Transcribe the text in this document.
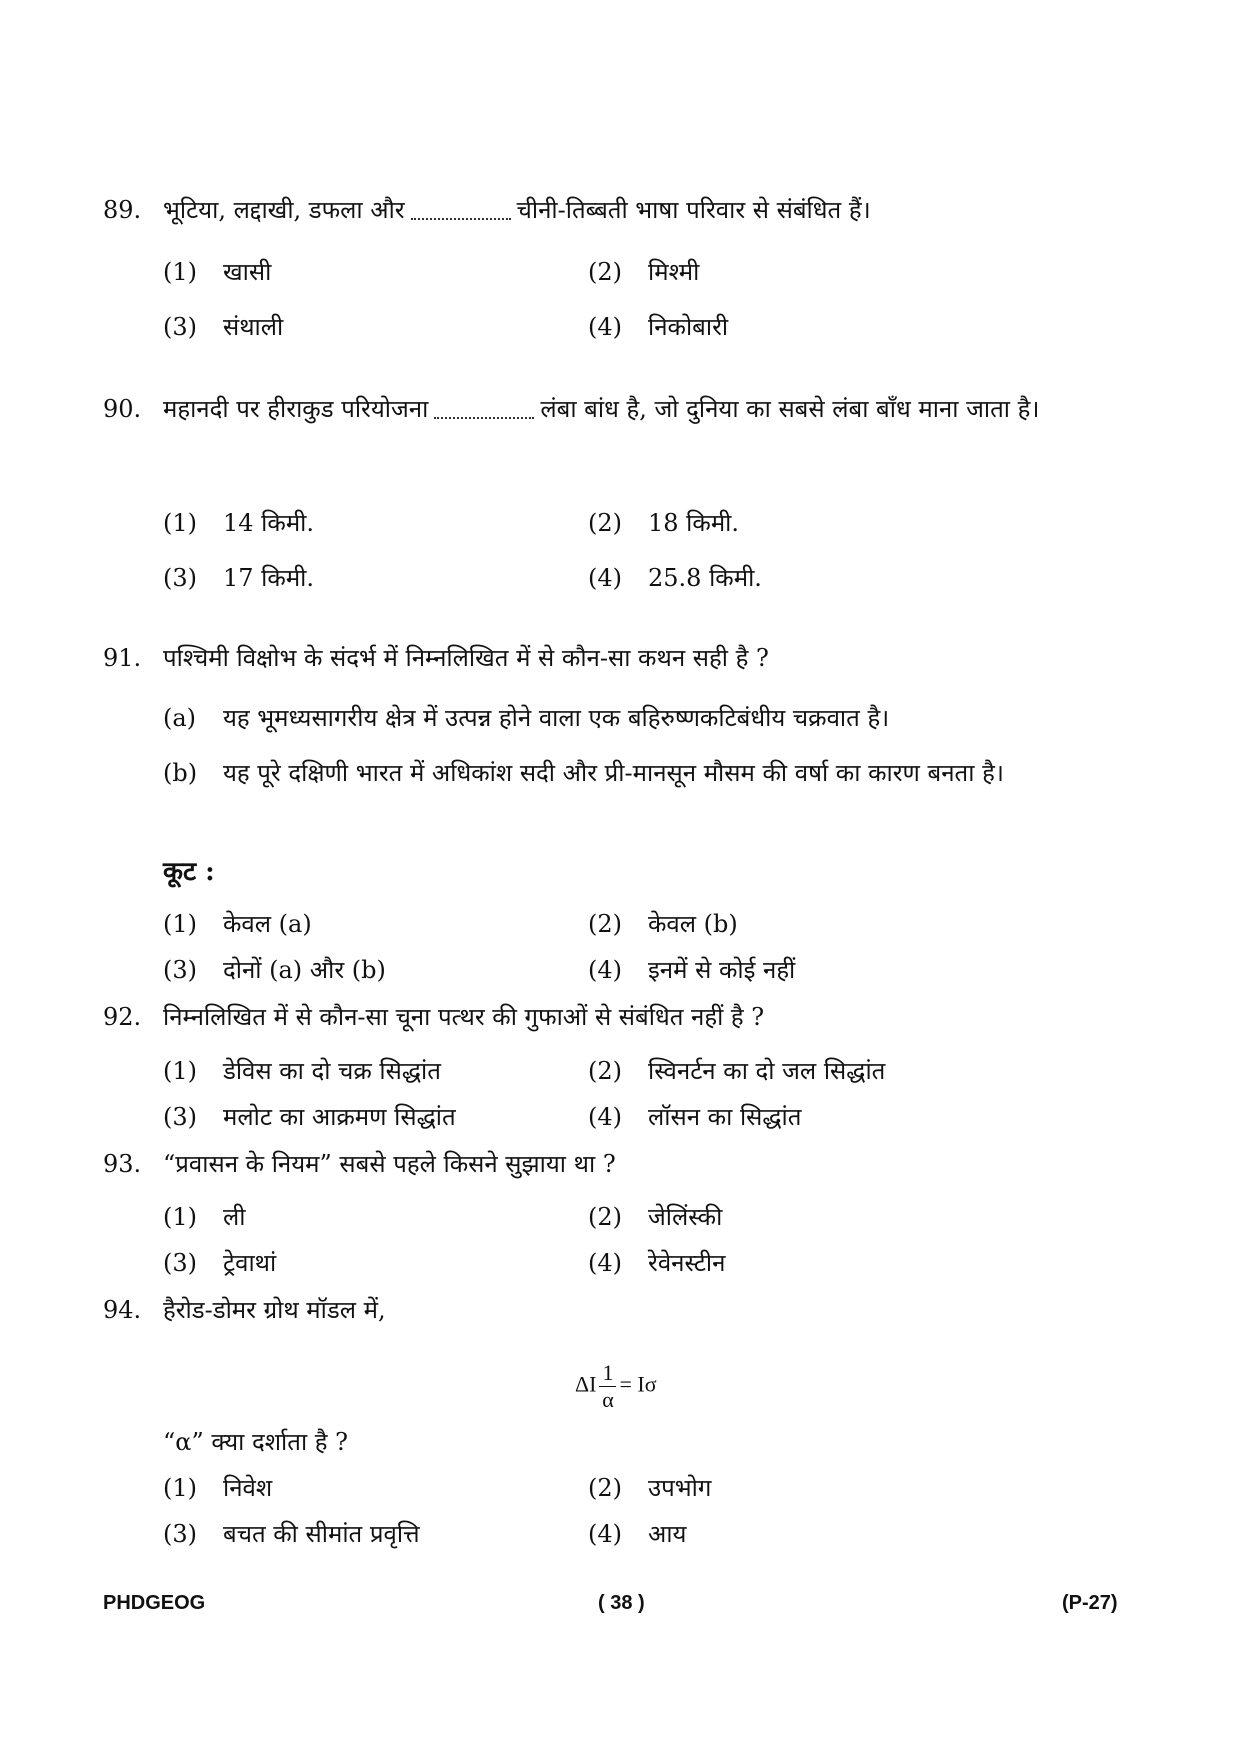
89. भूटिया, लद्दाखी, डफला और	चीनी-तिब्बती भाषा परिवार से संबंधित हैं।
(1) खासी	(2) मिश्मी
(3) संथाली	(4) निकोबारी
90. महानदी पर हीराकुड परियोजना	लंबा बांध है, जो दुनिया का सबसे लंबा बाँध माना जाता है।
(1) 14 किमी.	(2) 18 किमी.
(3) 17 किमी.	(4) 25.8 किमी.
91. पश्चिमी विक्षोभ के संदर्भ में निम्नलिखित में से कौन-सा कथन सही है ?
(a)	यह भूमध्यसागरीय क्षेत्र में उत्पन्न होने वाला एक बहिरुष्णकटिबंधीय चक्रवात है।
(b)	यह पूरे दक्षिणी भारत में अधिकांश सदी और प्री-मानसून मौसम की वर्षा का कारण बनता है।
कूट :
(1) केवल (a)	(2) केवल (b)
(3) दोनों (a) और (b)	(4) इनमें से कोई नहीं
92. निम्नलिखित में से कौन-सा चूना पत्थर की गुफाओं से संबंधित नहीं है ?
(1) डेविस का दो चक्र सिद्धांत	(2) स्विनर्टन का दो जल सिद्धांत
(3) मलोट का आक्रमण सिद्धांत	(4) लॉसन का सिद्धांत
93. “प्रवासन के नियम” सबसे पहले किसने सुझाया था ?
(1) ली	(2) जेलिंस्की
(3) ट्रेवाथां	(4) रेवेनस्टीन
94. हैरोड-डोमर ग्रोथ मॉडल में,
ΔI $\frac{1}{\alpha} = I\sigma$
“α” क्या दर्शाता है ?
(1) निवेश	(2) उपभोग
(3) बचत की सीमांत प्रवृत्ति	(4) आय
PHDGEOG	( 38 )	(P-27)
